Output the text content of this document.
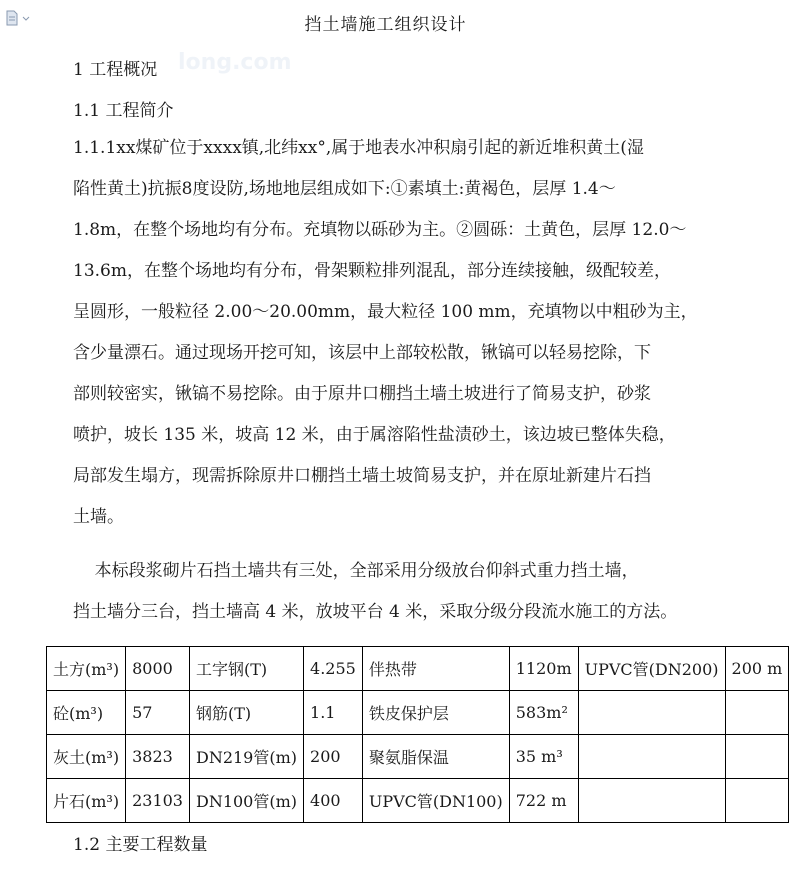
挡土墙施工组织设计
long.com
1 工程概况
1.1 工程简介
1.1.1xx煤矿位于xxxx镇,北纬xx°,属于地表水冲积扇引起的新近堆积黄土(湿
陷性黄土)抗振8度设防,场地地层组成如下:①素填土:黄褐色，层厚 1.4～
1.8m，在整个场地均有分布。充填物以砾砂为主。②圆砾：土黄色，层厚 12.0～
13.6m，在整个场地均有分布，骨架颗粒排列混乱，部分连续接触，级配较差，
呈圆形，一般粒径 2.00～20.00mm，最大粒径 100 mm，充填物以中粗砂为主，
含少量漂石。通过现场开挖可知，该层中上部较松散，锹镐可以轻易挖除，下
部则较密实，锹镐不易挖除。由于原井口棚挡土墙土坡进行了简易支护，砂浆
喷护，坡长 135 米，坡高 12 米，由于属溶陷性盐渍砂土，该边坡已整体失稳，
局部发生塌方，现需拆除原井口棚挡土墙土坡简易支护，并在原址新建片石挡
土墙。
本标段浆砌片石挡土墙共有三处，全部采用分级放台仰斜式重力挡土墙，
挡土墙分三台，挡土墙高 4 米，放坡平台 4 米，采取分级分段流水施工的方法。
土方(m³)	8000	工字钢(T)	4.255	伴热带	1120m	UPVC管(DN200)	200 m
砼(m³)	57	钢筋(T)	1.1	铁皮保护层	583m²		
灰土(m³)	3823	DN219管(m)	200	聚氨脂保温	35 m³		
片石(m³)	23103	DN100管(m)	400	UPVC管(DN100)	722 m		
1.2 主要工程数量
